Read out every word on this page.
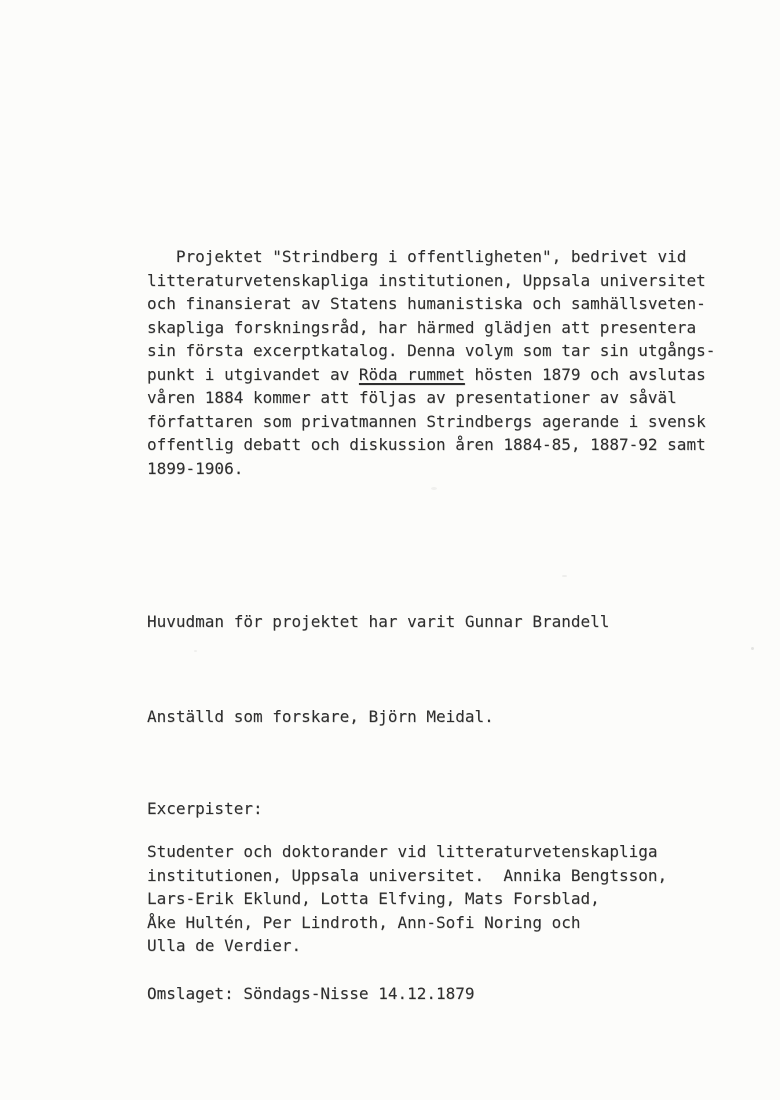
Projektet "Strindberg i offentligheten", bedrivet vid
litteraturvetenskapliga institutionen, Uppsala universitet
och finansierat av Statens humanistiska och samhällsveten-
skapliga forskningsråd, har härmed glädjen att presentera
sin första excerptkatalog. Denna volym som tar sin utgångs-
punkt i utgivandet av Röda rummet hösten 1879 och avslutas
våren 1884 kommer att följas av presentationer av såväl
författaren som privatmannen Strindbergs agerande i svensk
offentlig debatt och diskussion åren 1884-85, 1887-92 samt
1899-1906.
Huvudman för projektet har varit Gunnar Brandell
Anställd som forskare, Björn Meidal.
Excerpister:
Studenter och doktorander vid litteraturvetenskapliga
institutionen, Uppsala universitet.  Annika Bengtsson,
Lars-Erik Eklund, Lotta Elfving, Mats Forsblad,
Åke Hultén, Per Lindroth, Ann-Sofi Noring och
Ulla de Verdier.
Omslaget: Söndags-Nisse 14.12.1879
